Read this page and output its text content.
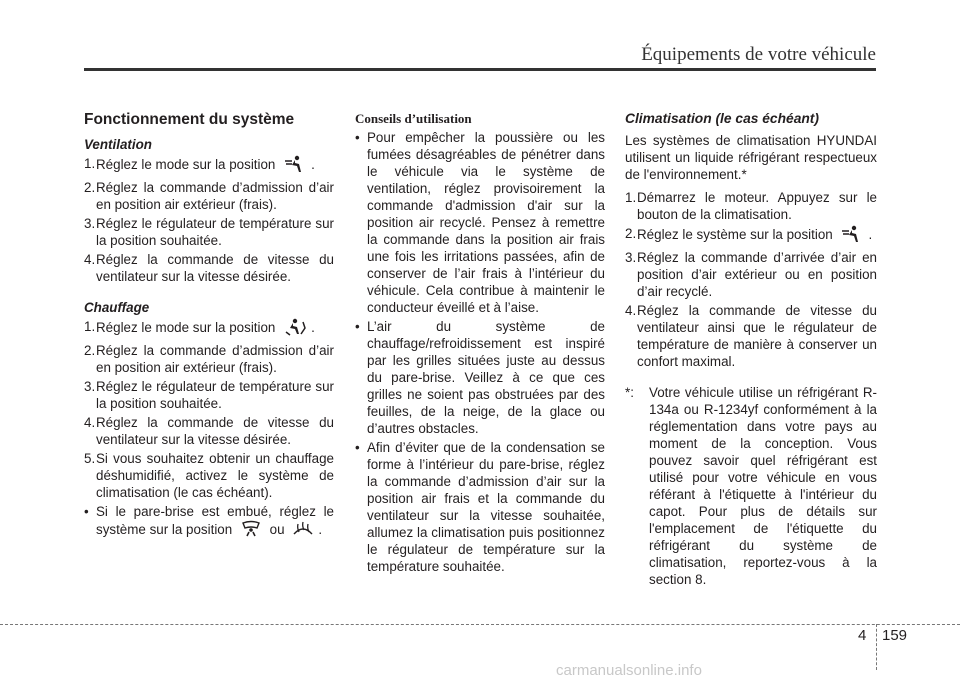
Équipements de votre véhicule
Fonctionnement du système
Ventilation
1. Réglez le mode sur la position	.
2. Réglez la commande d’admission d’air en position air extérieur (frais).
3. Réglez le régulateur de température sur la position souhaitée.
4. Réglez la commande de vitesse du ventilateur sur la vitesse désirée.
Chauffage
1. Réglez le mode sur la position	.
2. Réglez la commande d’admission d’air en position air extérieur (frais).
3. Réglez le régulateur de température sur la position souhaitée.
4. Réglez la commande de vitesse du ventilateur sur la vitesse désirée.
5. Si vous souhaitez obtenir un chauffage déshumidifié, activez le système de climatisation (le cas échéant).
• Si le pare-brise est embué, réglez le système sur la position	ou	.
Conseils d’utilisation
• Pour empêcher la poussière ou les fumées désagréables de pénétrer dans le véhicule via le système de ventilation, réglez provisoirement la commande d'admission d'air sur la position air recyclé. Pensez à remettre la commande dans la position air frais une fois les irritations passées, afin de conserver de l’air frais à l’intérieur du véhicule. Cela contribue à maintenir le conducteur éveillé et à l’aise.
• L’air du système de chauffage/refroidissement est inspiré par les grilles situées juste au dessus du pare-brise. Veillez à ce que ces grilles ne soient pas obstruées par des feuilles, de la neige, de la glace ou d’autres obstacles.
• Afin d’éviter que de la condensation se forme à l’intérieur du pare-brise, réglez la commande d’admission d’air sur la position air frais et la commande du ventilateur sur la vitesse souhaitée, allumez la climatisation puis positionnez le régulateur de température sur la température souhaitée.
Climatisation (le cas échéant)

Les systèmes de climatisation HYUNDAI utilisent un liquide réfrigérant respectueux de l'environnement.*

1. Démarrez le moteur. Appuyez sur le bouton de la climatisation.
2. Réglez le système sur la position	.
3. Réglez la commande d’arrivée d’air en position d’air extérieur ou en position d’air recyclé.
4. Réglez la commande de vitesse du ventilateur ainsi que le régulateur de température de manière à conserver un confort maximal.
*:	Votre véhicule utilise un réfrigérant R-134a ou R-1234yf conformément à la réglementation dans votre pays au moment de la conception. Vous pouvez savoir quel réfrigérant est utilisé pour votre véhicule en vous référant à l'étiquette à l'intérieur du capot. Pour plus de détails sur l'emplacement de l'étiquette du réfrigérant du système de climatisation, reportez-vous à la section 8.
4 159
carmanualsonline.info
